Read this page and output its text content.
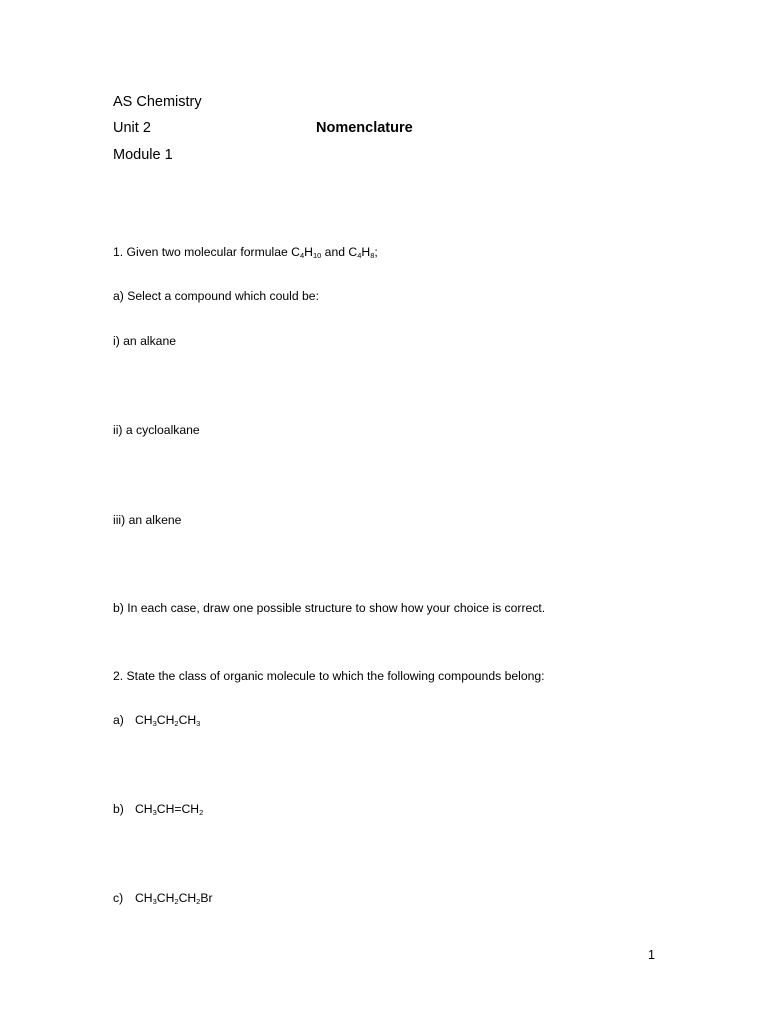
AS Chemistry
Unit 2	Nomenclature
Module 1
1. Given two molecular formulae $C_4H_{10}$ and $C_4H_8$;
a) Select a compound which could be:
i) an alkane
ii) a cycloalkane
iii) an alkene
b) In each case, draw one possible structure to show how your choice is correct.
2. State the class of organic molecule to which the following compounds belong:
a) $CH_3CH_2CH_3$
b) $CH_3CH=CH_2$
c) $CH_3CH_2CH_2Br$
1
